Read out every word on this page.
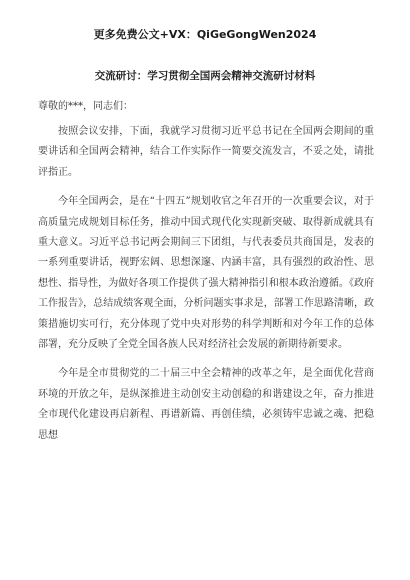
更多免费公文+VX：QiGeGongWen2024
交流研讨：学习贯彻全国两会精神交流研讨材料
尊敬的***，同志们：

按照会议安排，下面，我就学习贯彻习近平总书记在全国两会期间的重要讲话和全国两会精神，结合工作实际作一简要交流发言，不妥之处，请批评指正。

今年全国两会，是在“十四五”规划收官之年召开的一次重要会议，对于高质量完成规划目标任务，推动中国式现代化实现新突破、取得新成就具有重大意义。习近平总书记两会期间三下团组，与代表委员共商国是，发表的一系列重要讲话，视野宏阔、思想深邃、内涵丰富，具有强烈的政治性、思想性、指导性，为做好各项工作提供了强大精神指引和根本政治遵循。《政府工作报告》，总结成绩客观全面，分析问题实事求是，部署工作思路清晰，政策措施切实可行，充分体现了党中央对形势的科学判断和对今年工作的总体部署，充分反映了全党全国各族人民对经济社会发展的新期待新要求。

今年是全市贯彻党的二十届三中全会精神的改革之年，是全面优化营商环境的开放之年，是纵深推进主动创安主动创稳的和谐建设之年，奋力推进全市现代化建设再启新程、再谱新篇、再创佳绩，必须铸牢忠诚之魂、把稳思想
